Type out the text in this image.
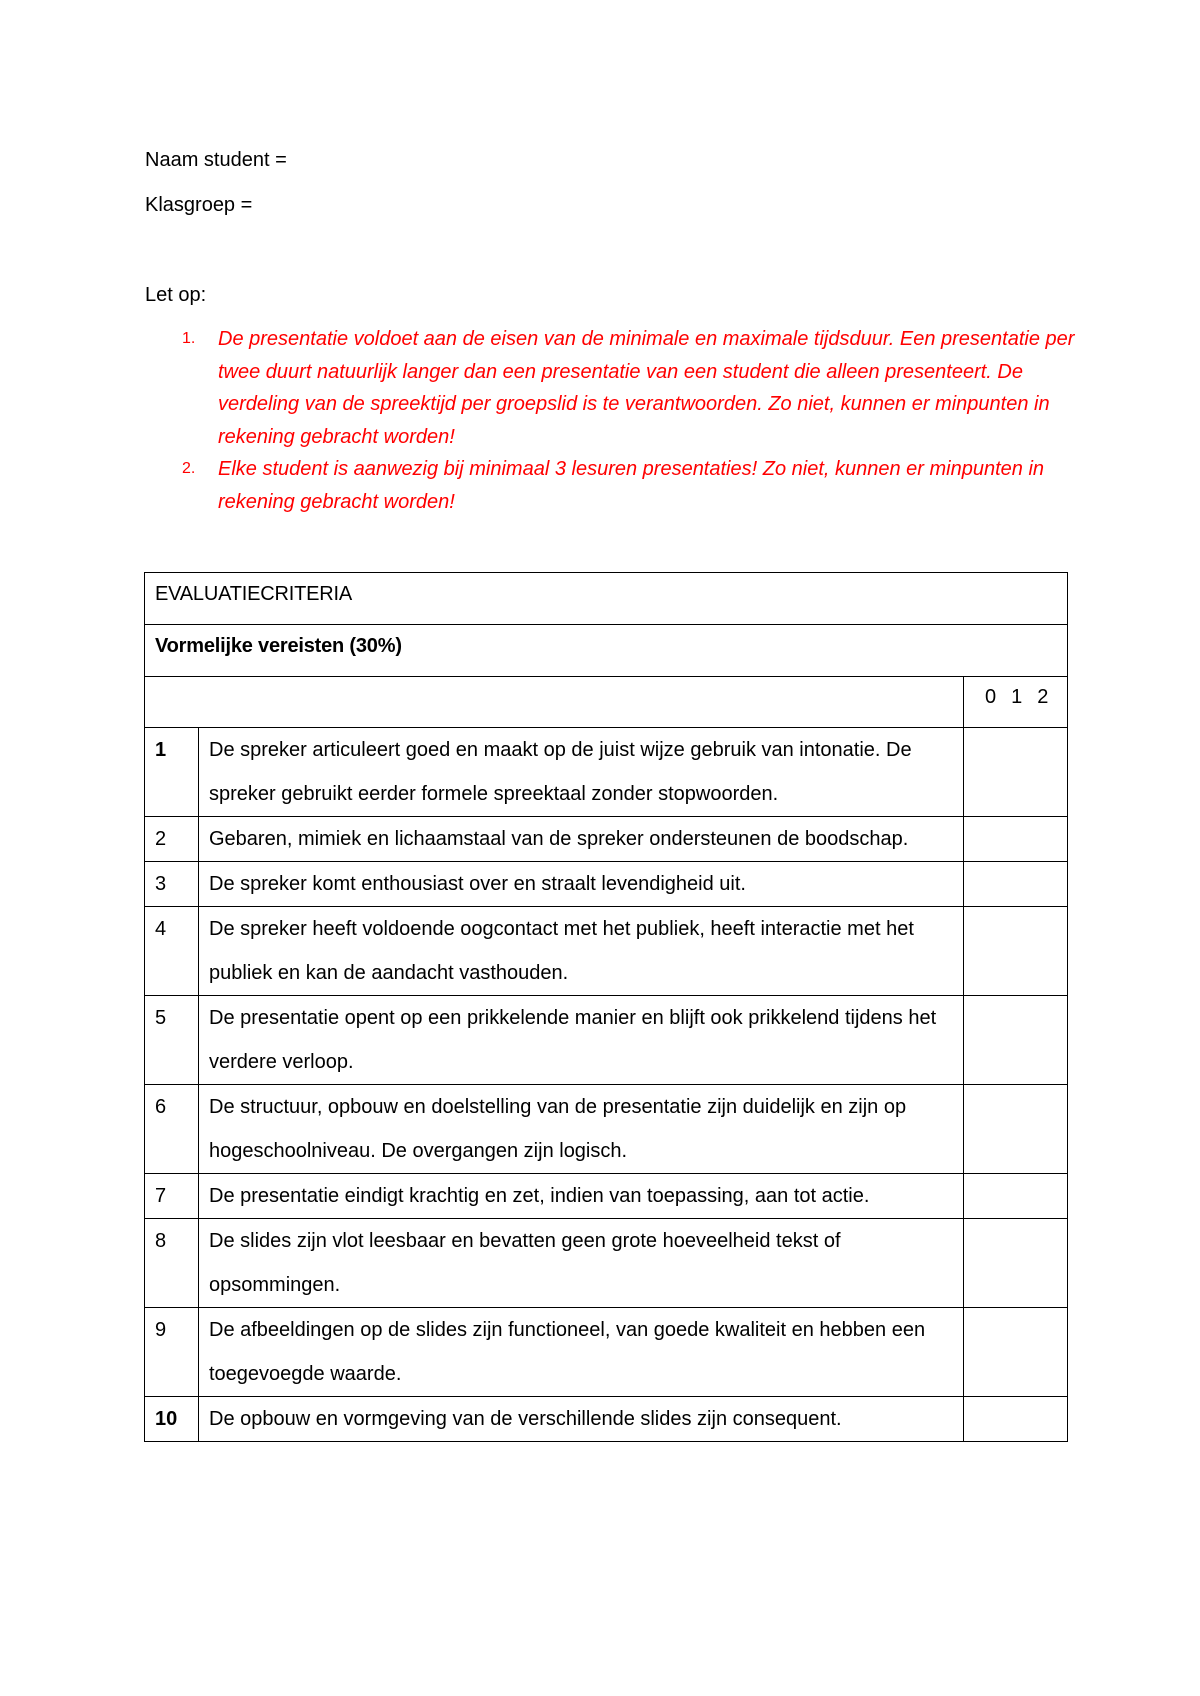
Naam student =
Klasgroep =
Let op:
1. De presentatie voldoet aan de eisen van de minimale en maximale tijdsduur. Een presentatie per twee duurt natuurlijk langer dan een presentatie van een student die alleen presenteert. De verdeling van de spreektijd per groepslid is te verantwoorden. Zo niet, kunnen er minpunten in rekening gebracht worden!
2. Elke student is aanwezig bij minimaal 3 lesuren presentaties! Zo niet, kunnen er minpunten in rekening gebracht worden!
EVALUATIECRITERIA		
Vormelijke vereisten (30%)		
		0 1 2
1	De spreker articuleert goed en maakt op de juist wijze gebruik van intonatie. De spreker gebruikt eerder formele spreektaal zonder stopwoorden.	
2	Gebaren, mimiek en lichaamstaal van de spreker ondersteunen de boodschap.	
3	De spreker komt enthousiast over en straalt levendigheid uit.	
4	De spreker heeft voldoende oogcontact met het publiek, heeft interactie met het publiek en kan de aandacht vasthouden.	
5	De presentatie opent op een prikkelende manier en blijft ook prikkelend tijdens het verdere verloop.	
6	De structuur, opbouw en doelstelling van de presentatie zijn duidelijk en zijn op hogeschoolniveau. De overgangen zijn logisch.	
7	De presentatie eindigt krachtig en zet, indien van toepassing, aan tot actie.	
8	De slides zijn vlot leesbaar en bevatten geen grote hoeveelheid tekst of opsommingen.	
9	De afbeeldingen op de slides zijn functioneel, van goede kwaliteit en hebben een toegevoegde waarde.	
10	De opbouw en vormgeving van de verschillende slides zijn consequent.	
